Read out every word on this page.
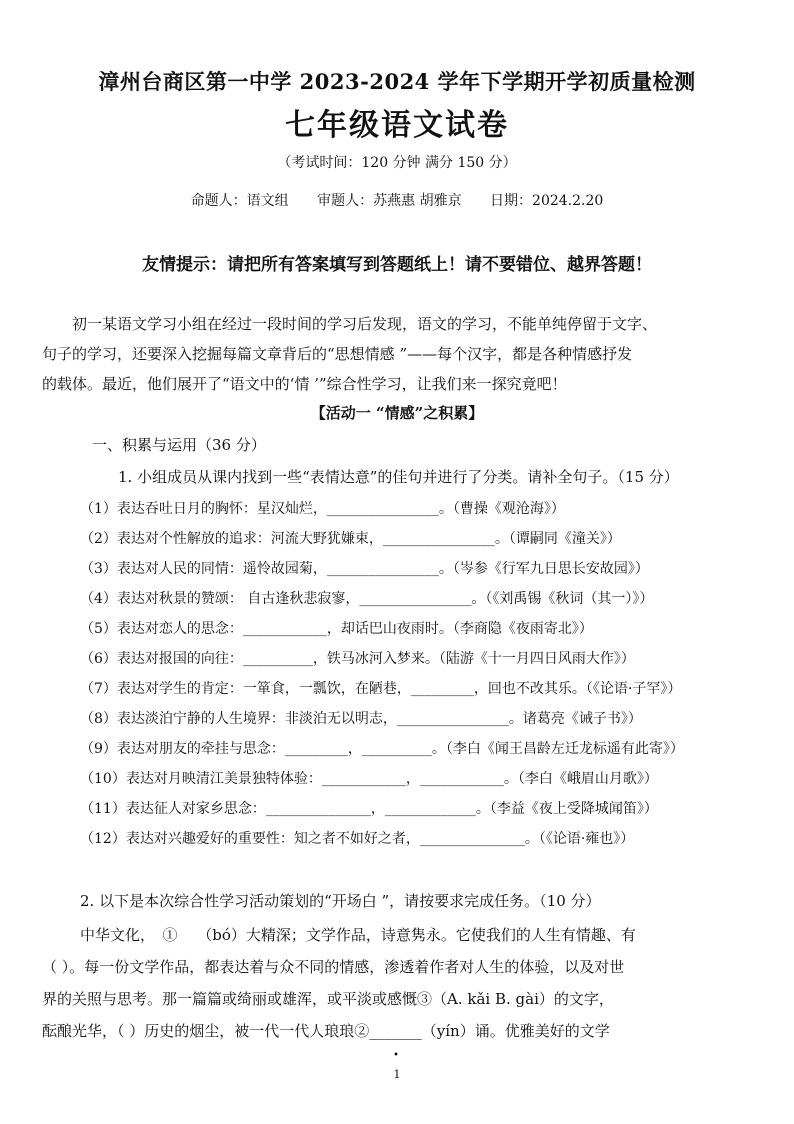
漳州台商区第一中学 2023-2024 学年下学期开学初质量检测
七年级语文试卷
（考试时间：120 分钟 满分 150 分）
命题人：语文组 审题人：苏燕惠 胡雅京 日期：2024.2.20
友情提示：请把所有答案填写到答题纸上！请不要错位、越界答题！
初一某语文学习小组在经过一段时间的学习后发现，语文的学习，不能单纯停留于文字、
句子的学习，还要深入挖掘每篇文章背后的“思想情感 ”——每个汉字，都是各种情感抒发
的载体。最近，他们展开了“语文中的‘情 ’”综合性学习，让我们来一探究竟吧！
【活动一 “情感”之积累】
一、积累与运用（36 分）
1. 小组成员从课内找到一些“表情达意”的佳句并进行了分类。请补全句子。（15 分）
（1）表达吞吐日月的胸怀：星汉灿烂，________________。（曹操《观沧海》）
（2）表达对个性解放的追求：河流大野犹嫌束，________________。（谭嗣同《潼关》）
（3）表达对人民的同情：遥怜故园菊，________________。（岑参《行军九日思长安故园》）
（4）表达对秋景的赞颂： 自古逢秋悲寂寥，________________。（《刘禹锡《秋词（其一）》）
（5）表达对恋人的思念：____________，却话巴山夜雨时。（李商隐《夜雨寄北》）
（6）表达对报国的向往：__________，铁马冰河入梦来。（陆游《十一月四日风雨大作》）
（7）表达对学生的肯定：一箪食，一瓢饮，在陋巷，_________，回也不改其乐。（《论语·子罕》）
（8）表达淡泊宁静的人生境界：非淡泊无以明志，________________。诸葛亮《诫子书》）
（9）表达对朋友的牵挂与思念：_________，__________。（李白《闻王昌龄左迁龙标遥有此寄》）
（10）表达对月映清江美景独特体验：____________，____________。（李白《峨眉山月歌》）
（11）表达征人对家乡思念：_______________，_____________。（李益《夜上受降城闻笛》）
（12）表达对兴趣爱好的重要性：知之者不如好之者，_______________。（《论语·雍也》）
2. 以下是本次综合性学习活动策划的“开场白 ”，请按要求完成任务。（10 分）
中华文化，　①　 （bó）大精深；文学作品，诗意隽永。它使我们的人生有情趣、有
（ ）。每一份文学作品，都表达着与众不同的情感，渗透着作者对人生的体验，以及对世
界的关照与思考。那一篇篇或绮丽或雄浑，或平淡或感慨③（A. kǎi B. gài）的文字，
酝酿光华，（ ）历史的烟尘，被一代一代人琅琅②_______（yín）诵。优雅美好的文学
•
1
